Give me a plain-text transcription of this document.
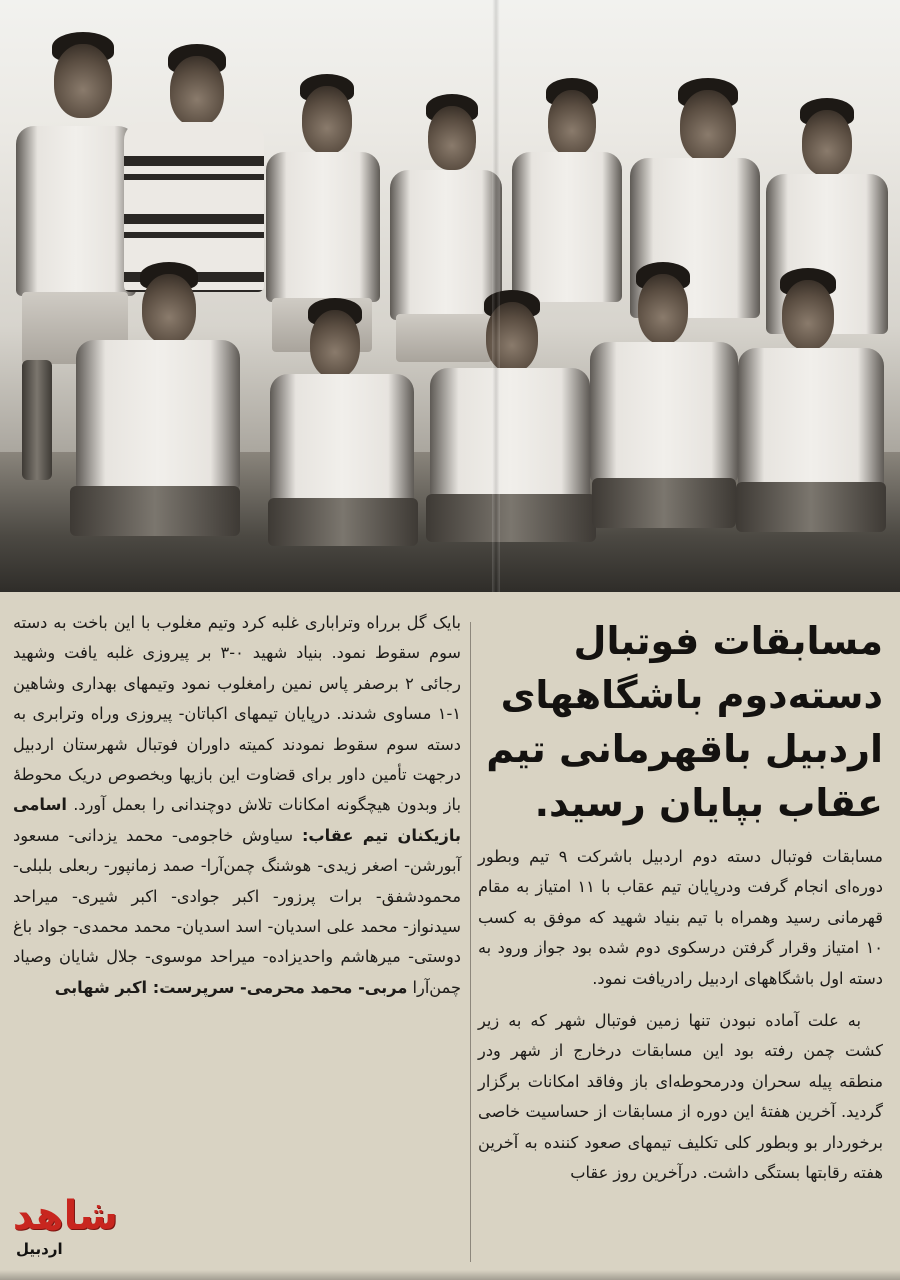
مسابقات فوتبال دسته‌دوم باشگاههای اردبیل باقهرمانی تیم عقاب بپایان رسید.

مسابقات فوتبال دسته دوم اردبیل باشرکت ۹ تیم وبطور دوره‌ای انجام گرفت ودرپایان تیم عقاب با ۱۱ امتیاز به مقام قهرمانی رسید وهمراه با تیم بنیاد شهید که موفق به کسب ۱۰ امتیاز وقرار گرفتن درسکوی دوم شده بود جواز ورود به دسته اول باشگاههای اردبیل رادریافت نمود.

به علت آماده نبودن تنها زمین فوتبال شهر که به زیر کشت چمن رفته بود این مسابقات درخارج از شهر ودر منطقه پیله سحران ودرمحوطه‌ای باز وفاقد امکانات برگزار گردید. آخرین هفتهٔ این دوره از مسابقات از حساسیت خاصی برخوردار بو وبطور کلی تکلیف تیمهای صعود کننده به آخرین هفته رقابتها بستگی داشت. درآخرین روز عقاب

بایک گل برراه وتراباری غلبه کرد وتیم مغلوب با این باخت به دسته سوم سقوط نمود. بنیاد شهید ۰-۳ بر پیروزی غلبه یافت وشهید رجائی ۲ برصفر پاس نمین رامغلوب نمود وتیمهای بهداری وشاهین ۱-۱ مساوی شدند. درپایان تیمهای اکباتان- پیروزی وراه وترابری به دسته سوم سقوط نمودند کمیته داوران فوتبال شهرستان اردبیل درجهت تأمین داور برای قضاوت این بازیها وبخصوص دریک محوطهٔ باز وبدون هیچگونه امکانات تلاش دوچندانی را بعمل آورد. اسامی بازیکنان تیم عقاب: سیاوش خاجومی- محمد یزدانی- مسعود آبورشن- اصغر زیدی- هوشنگ چمن‌آرا- صمد زمانپور- ربعلی بلبلی- محمودشفق- برات پرزور- اکبر جوادی- اکبر شیری- میراحد سیدنواز- محمد علی اسدیان- اسد اسدیان- محمد محمدی- جواد باغ دوستی- میرهاشم واحدیزاده- میراحد موسوی- جلال شایان وصیاد چمن‌آرا مربی- محمد محرمی- سرپرست: اکبر شهابی

شاهد
اردبیل
